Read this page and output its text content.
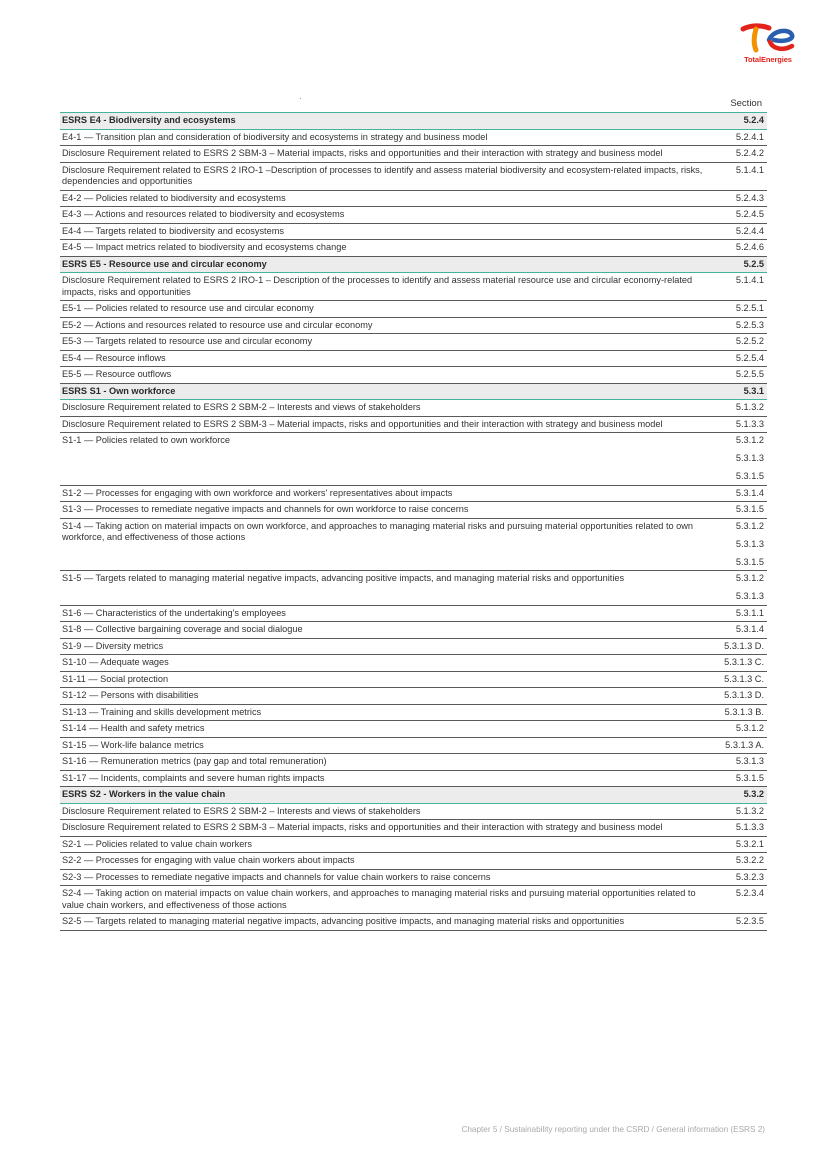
TotalEnergies
Section
ESRS E4 - Biodiversity and ecosystems	5.2.4

E4-1 — Transition plan and consideration of biodiversity and ecosystems in strategy and business model	5.2.4.1

Disclosure Requirement related to ESRS 2 SBM-3 – Material impacts, risks and opportunities and their interaction with strategy and business model	5.2.4.2

Disclosure Requirement related to ESRS 2 IRO-1 –Description of processes to identify and assess material biodiversity and ecosystem-related impacts, risks, dependencies and opportunities	5.1.4.1

E4-2 — Policies related to biodiversity and ecosystems	5.2.4.3

E4-3 — Actions and resources related to biodiversity and ecosystems	5.2.4.5

E4-4 — Targets related to biodiversity and ecosystems	5.2.4.4

E4-5 — Impact metrics related to biodiversity and ecosystems change	5.2.4.6

ESRS E5 - Resource use and circular economy	5.2.5

Disclosure Requirement related to ESRS 2 IRO-1 – Description of the processes to identify and assess material resource use and circular economy-related impacts, risks and opportunities	5.1.4.1

E5-1 — Policies related to resource use and circular economy	5.2.5.1

E5-2 — Actions and resources related to resource use and circular economy	5.2.5.3

E5-3 — Targets related to resource use and circular economy	5.2.5.2

E5-4 — Resource inflows	5.2.5.4

E5-5 — Resource outflows	5.2.5.5

ESRS S1 - Own workforce	5.3.1

Disclosure Requirement related to ESRS 2 SBM-2 – Interests and views of stakeholders	5.1.3.2

Disclosure Requirement related to ESRS 2 SBM-3 – Material impacts, risks and opportunities and their interaction with strategy and business model	5.1.3.3

S1-1 — Policies related to own workforce	5.3.1.2
5.3.1.3
5.3.1.5

S1-2 — Processes for engaging with own workforce and workers' representatives about impacts	5.3.1.4

S1-3 — Processes to remediate negative impacts and channels for own workforce to raise concerns	5.3.1.5

S1-4 — Taking action on material impacts on own workforce, and approaches to managing material risks and pursuing material opportunities related to own workforce, and effectiveness of those actions	5.3.1.2
5.3.1.3
5.3.1.5

S1-5 — Targets related to managing material negative impacts, advancing positive impacts, and managing material risks and opportunities	5.3.1.2
5.3.1.3

S1-6 — Characteristics of the undertaking's employees	5.3.1.1

S1-8 — Collective bargaining coverage and social dialogue	5.3.1.4

S1-9 — Diversity metrics	5.3.1.3 D.

S1-10 — Adequate wages	5.3.1.3 C.

S1-11 — Social protection	5.3.1.3 C.

S1-12 — Persons with disabilities	5.3.1.3 D.

S1-13 — Training and skills development metrics	5.3.1.3 B.

S1-14 — Health and safety metrics	5.3.1.2

S1-15 — Work-life balance metrics	5.3.1.3 A.

S1-16 — Remuneration metrics (pay gap and total remuneration)	5.3.1.3

S1-17 — Incidents, complaints and severe human rights impacts	5.3.1.5

ESRS S2 - Workers in the value chain	5.3.2

Disclosure Requirement related to ESRS 2 SBM-2 – Interests and views of stakeholders	5.1.3.2

Disclosure Requirement related to ESRS 2 SBM-3 – Material impacts, risks and opportunities and their interaction with strategy and business model	5.1.3.3

S2-1 — Policies related to value chain workers	5.3.2.1

S2-2 — Processes for engaging with value chain workers about impacts	5.3.2.2

S2-3 — Processes to remediate negative impacts and channels for value chain workers to raise concerns	5.3.2.3

S2-4 — Taking action on material impacts on value chain workers, and approaches to managing material risks and pursuing material opportunities related to value chain workers, and effectiveness of those actions	5.2.3.4

S2-5 — Targets related to managing material negative impacts, advancing positive impacts, and managing material risks and opportunities	5.2.3.5
Chapter 5 / Sustainability reporting under the CSRD / General information (ESRS 2)
